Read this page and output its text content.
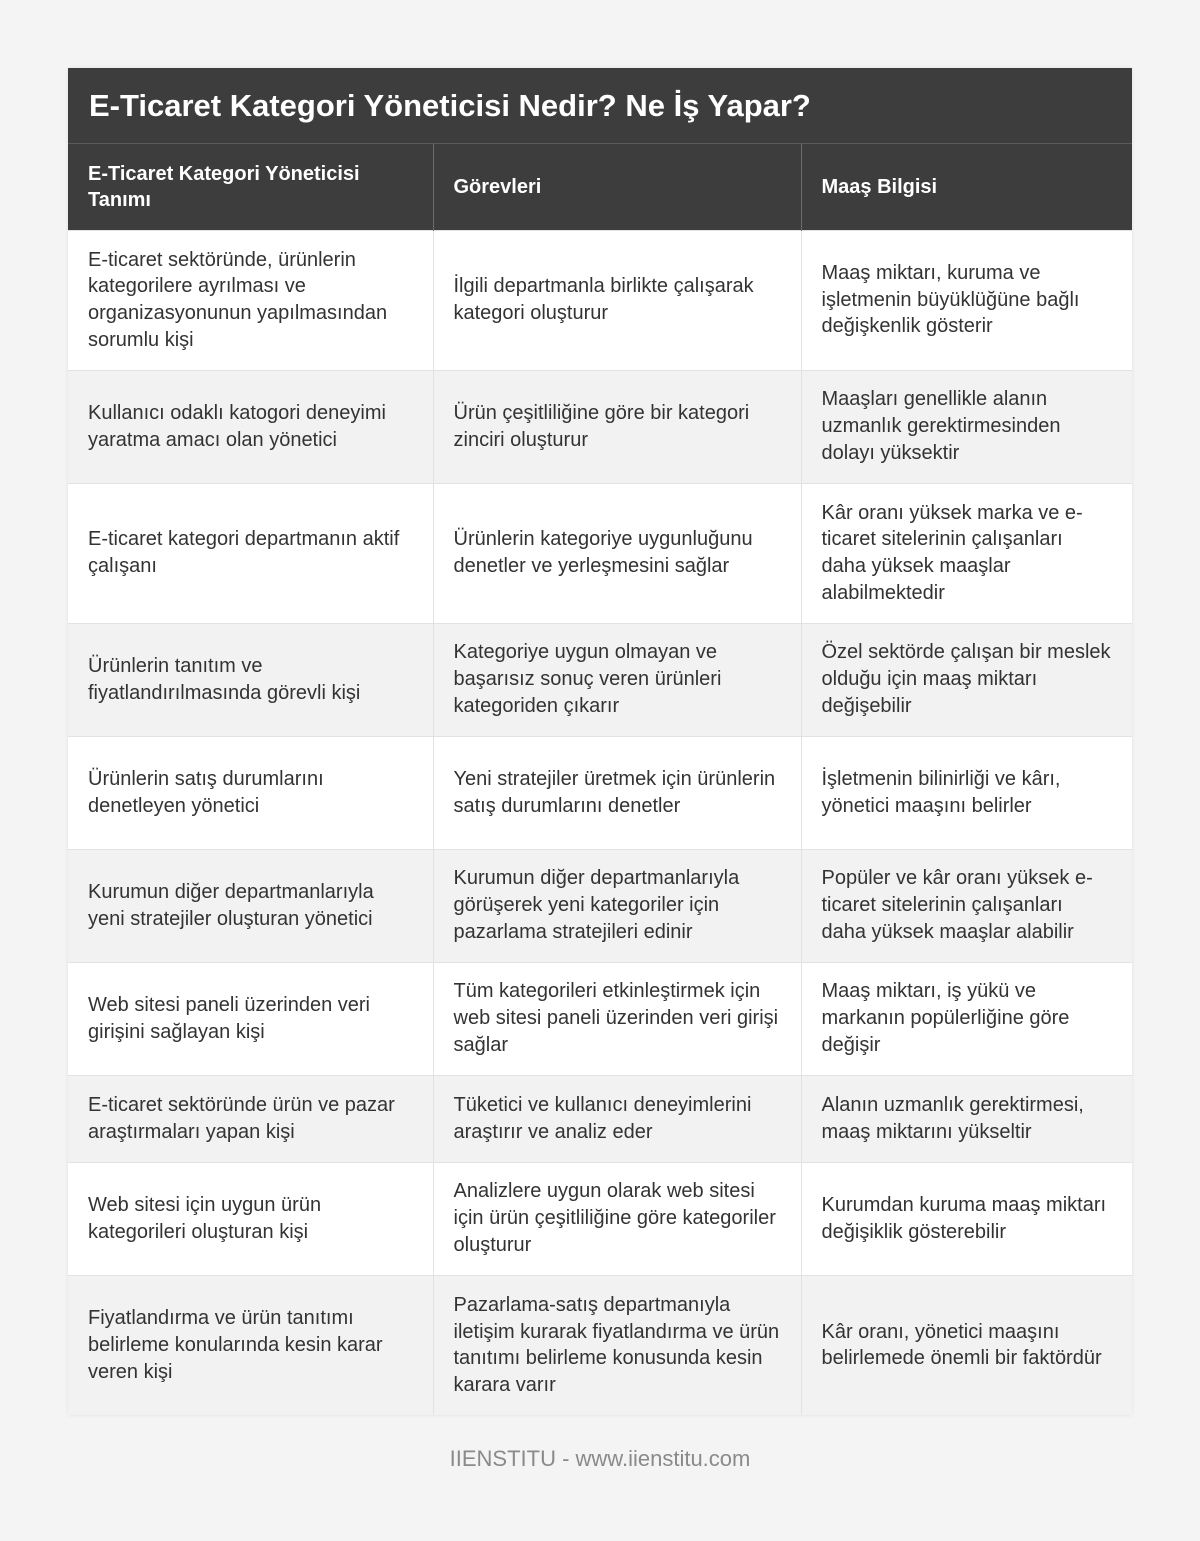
E-Ticaret Kategori Yöneticisi Nedir? Ne İş Yapar?
E-Ticaret Kategori Yöneticisi Tanımı	Görevleri	Maaş Bilgisi
E-ticaret sektöründe, ürünlerin kategorilere ayrılması ve organizasyonunun yapılmasından sorumlu kişi	İlgili departmanla birlikte çalışarak kategori oluşturur	Maaş miktarı, kuruma ve işletmenin büyüklüğüne bağlı değişkenlik gösterir
Kullanıcı odaklı katogori deneyimi yaratma amacı olan yönetici	Ürün çeşitliliğine göre bir kategori zinciri oluşturur	Maaşları genellikle alanın uzmanlık gerektirmesinden dolayı yüksektir
E-ticaret kategori departmanın aktif çalışanı	Ürünlerin kategoriye uygunluğunu denetler ve yerleşmesini sağlar	Kâr oranı yüksek marka ve e-ticaret sitelerinin çalışanları daha yüksek maaşlar alabilmektedir
Ürünlerin tanıtım ve fiyatlandırılmasında görevli kişi	Kategoriye uygun olmayan ve başarısız sonuç veren ürünleri kategoriden çıkarır	Özel sektörde çalışan bir meslek olduğu için maaş miktarı değişebilir
Ürünlerin satış durumlarını denetleyen yönetici	Yeni stratejiler üretmek için ürünlerin satış durumlarını denetler	İşletmenin bilinirliği ve kârı, yönetici maaşını belirler
Kurumun diğer departmanlarıyla yeni stratejiler oluşturan yönetici	Kurumun diğer departmanlarıyla görüşerek yeni kategoriler için pazarlama stratejileri edinir	Popüler ve kâr oranı yüksek e-ticaret sitelerinin çalışanları daha yüksek maaşlar alabilir
Web sitesi paneli üzerinden veri girişini sağlayan kişi	Tüm kategorileri etkinleştirmek için web sitesi paneli üzerinden veri girişi sağlar	Maaş miktarı, iş yükü ve markanın popülerliğine göre değişir
E-ticaret sektöründe ürün ve pazar araştırmaları yapan kişi	Tüketici ve kullanıcı deneyimlerini araştırır ve analiz eder	Alanın uzmanlık gerektirmesi, maaş miktarını yükseltir
Web sitesi için uygun ürün kategorileri oluşturan kişi	Analizlere uygun olarak web sitesi için ürün çeşitliliğine göre kategoriler oluşturur	Kurumdan kuruma maaş miktarı değişiklik gösterebilir
Fiyatlandırma ve ürün tanıtımı belirleme konularında kesin karar veren kişi	Pazarlama-satış departmanıyla iletişim kurarak fiyatlandırma ve ürün tanıtımı belirleme konusunda kesin karara varır	Kâr oranı, yönetici maaşını belirlemede önemli bir faktördür
IIENSTITU - www.iienstitu.com
